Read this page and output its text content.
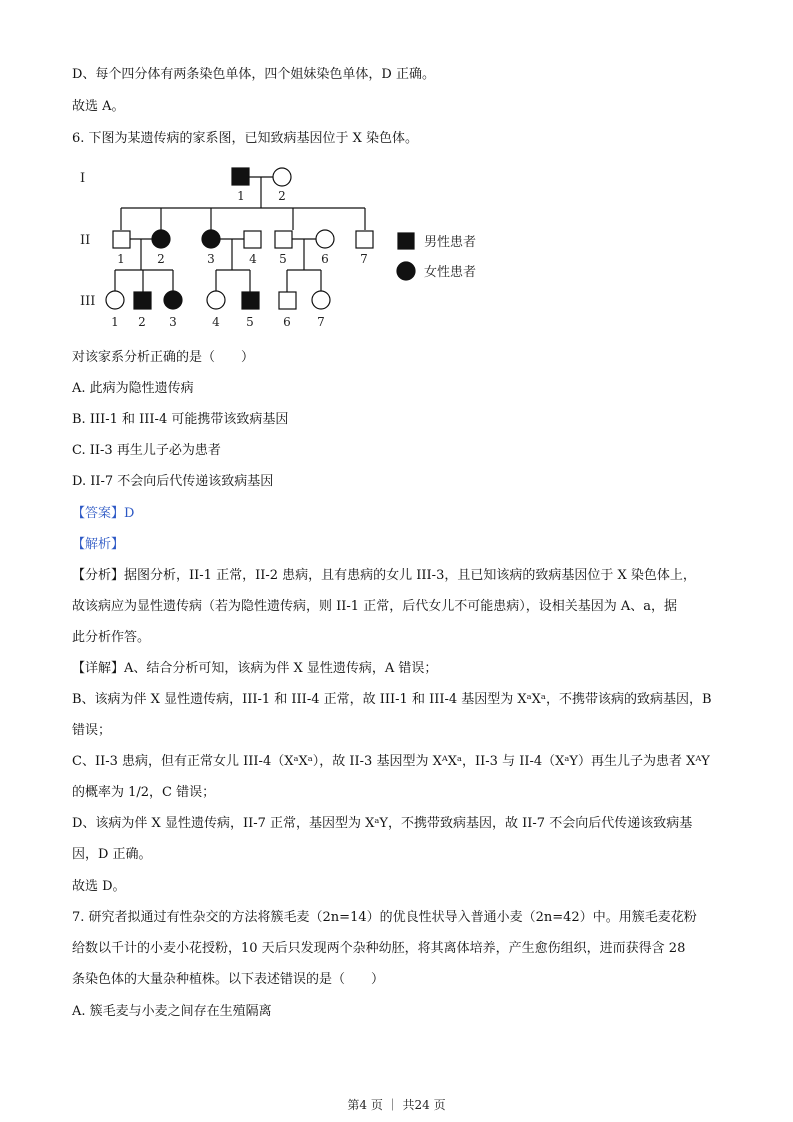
D、每个四分体有两条染色单体，四个姐妹染色单体，D 正确。
故选 A。
6. 下图为某遗传病的家系图，已知致病基因位于 X 染色体。
I
II
III
1	2
1	2	3	4 5	6	7
1 2 3	4 5 6 7
男性患者
女性患者
对该家系分析正确的是（　　）
A. 此病为隐性遗传病
B. III-1 和 III-4 可能携带该致病基因
C. II-3 再生儿子必为患者
D. II-7 不会向后代传递该致病基因
【答案】D
【解析】
【分析】据图分析，II-1 正常，II-2 患病，且有患病的女儿 III-3，且已知该病的致病基因位于 X 染色体上，
故该病应为显性遗传病（若为隐性遗传病，则 II-1 正常，后代女儿不可能患病），设相关基因为 A、a，据
此分析作答。
【详解】A、结合分析可知，该病为伴 X 显性遗传病，A 错误；
B、该病为伴 X 显性遗传病，III-1 和 III-4 正常，故 III-1 和 III-4 基因型为 XᵃXᵃ，不携带该病的致病基因，B
错误；
C、II-3 患病，但有正常女儿 III-4（XᵃXᵃ），故 II-3 基因型为 XᴬXᵃ，II-3 与 II-4（XᵃY）再生儿子为患者 XᴬY
的概率为 1/2，C 错误；
D、该病为伴 X 显性遗传病，II-7 正常，基因型为 XᵃY，不携带致病基因，故 II-7 不会向后代传递该致病基
因，D 正确。
故选 D。
7. 研究者拟通过有性杂交的方法将簇毛麦（2n=14）的优良性状导入普通小麦（2n=42）中。用簇毛麦花粉
给数以千计的小麦小花授粉，10 天后只发现两个杂种幼胚，将其离体培养，产生愈伤组织，进而获得含 28
条染色体的大量杂种植株。以下表述错误的是（　　）
A. 簇毛麦与小麦之间存在生殖隔离
第4 页 ｜ 共24 页
